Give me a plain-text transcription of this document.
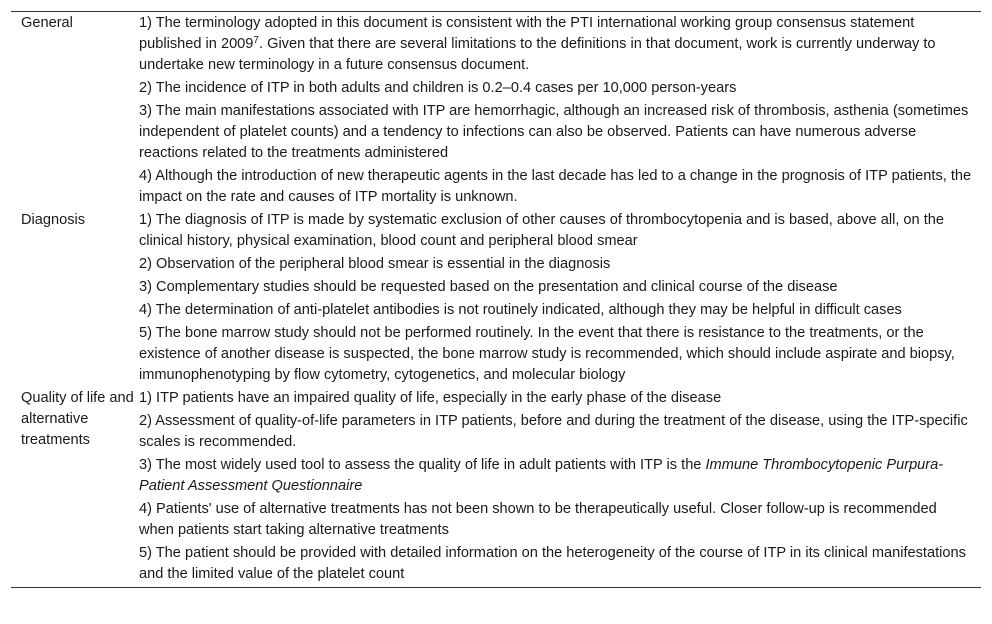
General	1) The terminology adopted in this document is consistent with the PTI international working group consensus statement published in 2009$^7$. Given that there are several limitations to the definitions in that document, work is currently underway to undertake new terminology in a future consensus document.
	2) The incidence of ITP in both adults and children is 0.2–0.4 cases per 10,000 person-years
	3) The main manifestations associated with ITP are hemorrhagic, although an increased risk of thrombosis, asthenia (sometimes independent of platelet counts) and a tendency to infections can also be observed. Patients can have numerous adverse reactions related to the treatments administered
	4) Although the introduction of new therapeutic agents in the last decade has led to a change in the prognosis of ITP patients, the impact on the rate and causes of ITP mortality is unknown.
Diagnosis	1) The diagnosis of ITP is made by systematic exclusion of other causes of thrombocytopenia and is based, above all, on the clinical history, physical examination, blood count and peripheral blood smear
	2) Observation of the peripheral blood smear is essential in the diagnosis
	3) Complementary studies should be requested based on the presentation and clinical course of the disease
	4) The determination of anti-platelet antibodies is not routinely indicated, although they may be helpful in difficult cases
	5) The bone marrow study should not be performed routinely. In the event that there is resistance to the treatments, or the existence of another disease is suspected, the bone marrow study is recommended, which should include aspirate and biopsy, immunophenotyping by flow cytometry, cytogenetics, and molecular biology
Quality of life and alternative treatments	1) ITP patients have an impaired quality of life, especially in the early phase of the disease
	2) Assessment of quality-of-life parameters in ITP patients, before and during the treatment of the disease, using the ITP-specific scales is recommended.
	3) The most widely used tool to assess the quality of life in adult patients with ITP is the Immune Thrombocytopenic Purpura-Patient Assessment Questionnaire
	4) Patients' use of alternative treatments has not been shown to be therapeutically useful. Closer follow-up is recommended when patients start taking alternative treatments
	5) The patient should be provided with detailed information on the heterogeneity of the course of ITP in its clinical manifestations and the limited value of the platelet count
